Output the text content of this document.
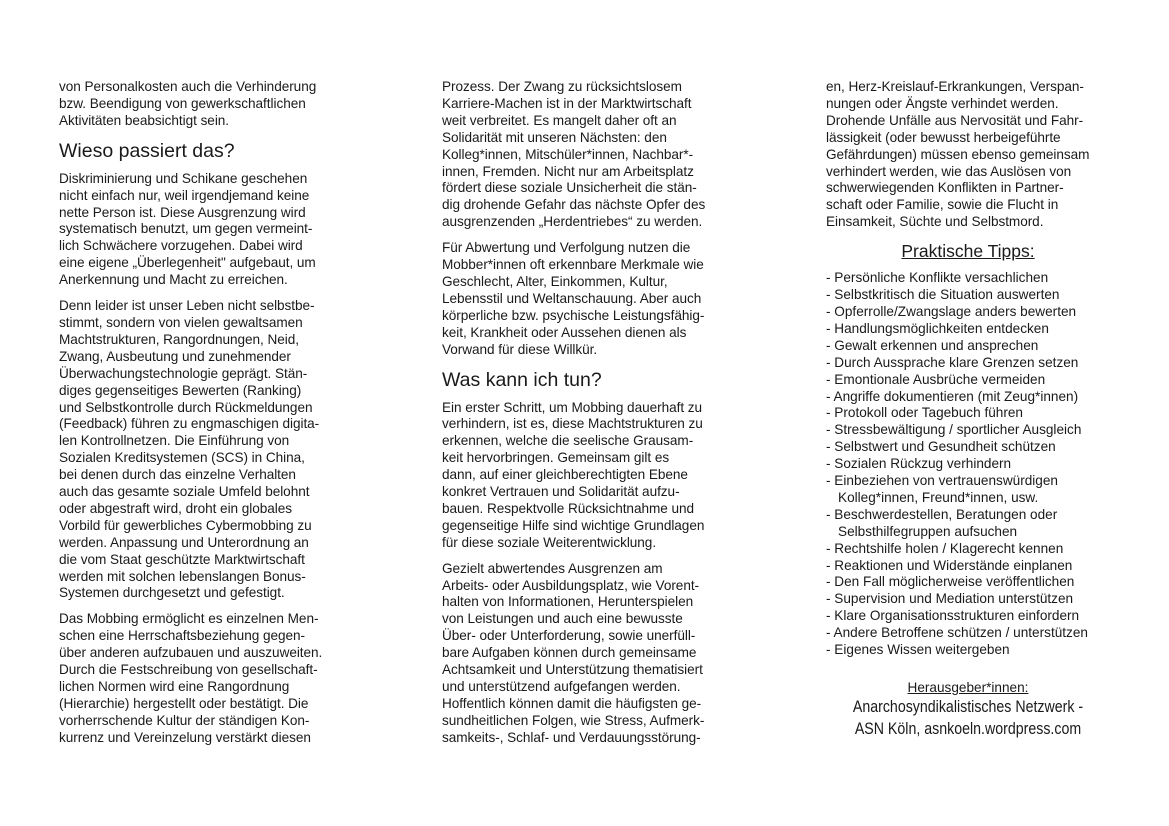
von Personalkosten auch die Verhinderung
bzw. Beendigung von gewerkschaftlichen
Aktivitäten beabsichtigt sein.

Wieso passiert das?

Diskriminierung und Schikane geschehen
nicht einfach nur, weil irgendjemand keine
nette Person ist. Diese Ausgrenzung wird
systematisch benutzt, um gegen vermeint-
lich Schwächere vorzugehen. Dabei wird
eine eigene „Überlegenheit" aufgebaut, um
Anerkennung und Macht zu erreichen.

Denn leider ist unser Leben nicht selbstbe-
stimmt, sondern von vielen gewaltsamen
Machtstrukturen, Rangordnungen, Neid,
Zwang, Ausbeutung und zunehmender
Überwachungstechnologie geprägt. Stän-
diges gegenseitiges Bewerten (Ranking)
und Selbstkontrolle durch Rückmeldungen
(Feedback) führen zu engmaschigen digita-
len Kontrollnetzen. Die Einführung von
Sozialen Kreditsystemen (SCS) in China,
bei denen durch das einzelne Verhalten
auch das gesamte soziale Umfeld belohnt
oder abgestraft wird, droht ein globales
Vorbild für gewerbliches Cybermobbing zu
werden. Anpassung und Unterordnung an
die vom Staat geschützte Marktwirtschaft
werden mit solchen lebenslangen Bonus-
Systemen durchgesetzt und gefestigt.

Das Mobbing ermöglicht es einzelnen Men-
schen eine Herrschaftsbeziehung gegen-
über anderen aufzubauen und auszuweiten.
Durch die Festschreibung von gesellschaft-
lichen Normen wird eine Rangordnung
(Hierarchie) hergestellt oder bestätigt. Die
vorherrschende Kultur der ständigen Kon-
kurrenz und Vereinzelung verstärkt diesen

Prozess. Der Zwang zu rücksichtslosem
Karriere-Machen ist in der Marktwirtschaft
weit verbreitet. Es mangelt daher oft an
Solidarität mit unseren Nächsten: den
Kolleg*innen, Mitschüler*innen, Nachbar*-
innen, Fremden. Nicht nur am Arbeitsplatz
fördert diese soziale Unsicherheit die stän-
dig drohende Gefahr das nächste Opfer des
ausgrenzenden „Herdentriebes“ zu werden.

Für Abwertung und Verfolgung nutzen die
Mobber*innen oft erkennbare Merkmale wie
Geschlecht, Alter, Einkommen, Kultur,
Lebensstil und Weltanschauung. Aber auch
körperliche bzw. psychische Leistungsfähig-
keit, Krankheit oder Aussehen dienen als
Vorwand für diese Willkür.

Was kann ich tun?

Ein erster Schritt, um Mobbing dauerhaft zu
verhindern, ist es, diese Machtstrukturen zu
erkennen, welche die seelische Grausam-
keit hervorbringen. Gemeinsam gilt es
dann, auf einer gleichberechtigten Ebene
konkret Vertrauen und Solidarität aufzu-
bauen. Respektvolle Rücksichtnahme und
gegenseitige Hilfe sind wichtige Grundlagen
für diese soziale Weiterentwicklung.

Gezielt abwertendes Ausgrenzen am
Arbeits- oder Ausbildungsplatz, wie Vorent-
halten von Informationen, Herunterspielen
von Leistungen und auch eine bewusste
Über- oder Unterforderung, sowie unerfüll-
bare Aufgaben können durch gemeinsame
Achtsamkeit und Unterstützung thematisiert
und unterstützend aufgefangen werden.
Hoffentlich können damit die häufigsten ge-
sundheitlichen Folgen, wie Stress, Aufmerk-
samkeits-, Schlaf- und Verdauungsstörung-

en, Herz-Kreislauf-Erkrankungen, Verspan-
nungen oder Ängste verhindet werden.
Drohende Unfälle aus Nervosität und Fahr-
lässigkeit (oder bewusst herbeigeführte
Gefährdungen) müssen ebenso gemeinsam
verhindert werden, wie das Auslösen von
schwerwiegenden Konflikten in Partner-
schaft oder Familie, sowie die Flucht in
Einsamkeit, Süchte und Selbstmord.

Praktische Tipps:
- Persönliche Konflikte versachlichen
- Selbstkritisch die Situation auswerten
- Opferrolle/Zwangslage anders bewerten
- Handlungsmöglichkeiten entdecken
- Gewalt erkennen und ansprechen
- Durch Aussprache klare Grenzen setzen
- Emontionale Ausbrüche vermeiden
- Angriffe dokumentieren (mit Zeug*innen)
- Protokoll oder Tagebuch führen
- Stressbewältigung / sportlicher Ausgleich
- Selbstwert und Gesundheit schützen
- Sozialen Rückzug verhindern
- Einbeziehen von vertrauenswürdigen
Kolleg*innen, Freund*innen, usw.
- Beschwerdestellen, Beratungen oder
Selbsthilfegruppen aufsuchen
- Rechtshilfe holen / Klagerecht kennen
- Reaktionen und Widerstände einplanen
- Den Fall möglicherweise veröffentlichen
- Supervision und Mediation unterstützen
- Klare Organisationsstrukturen einfordern
- Andere Betroffene schützen / unterstützen
- Eigenes Wissen weitergeben
Herausgeber*innen:
Anarchosyndikalistisches Netzwerk -
ASN Köln, asnkoeln.wordpress.com
